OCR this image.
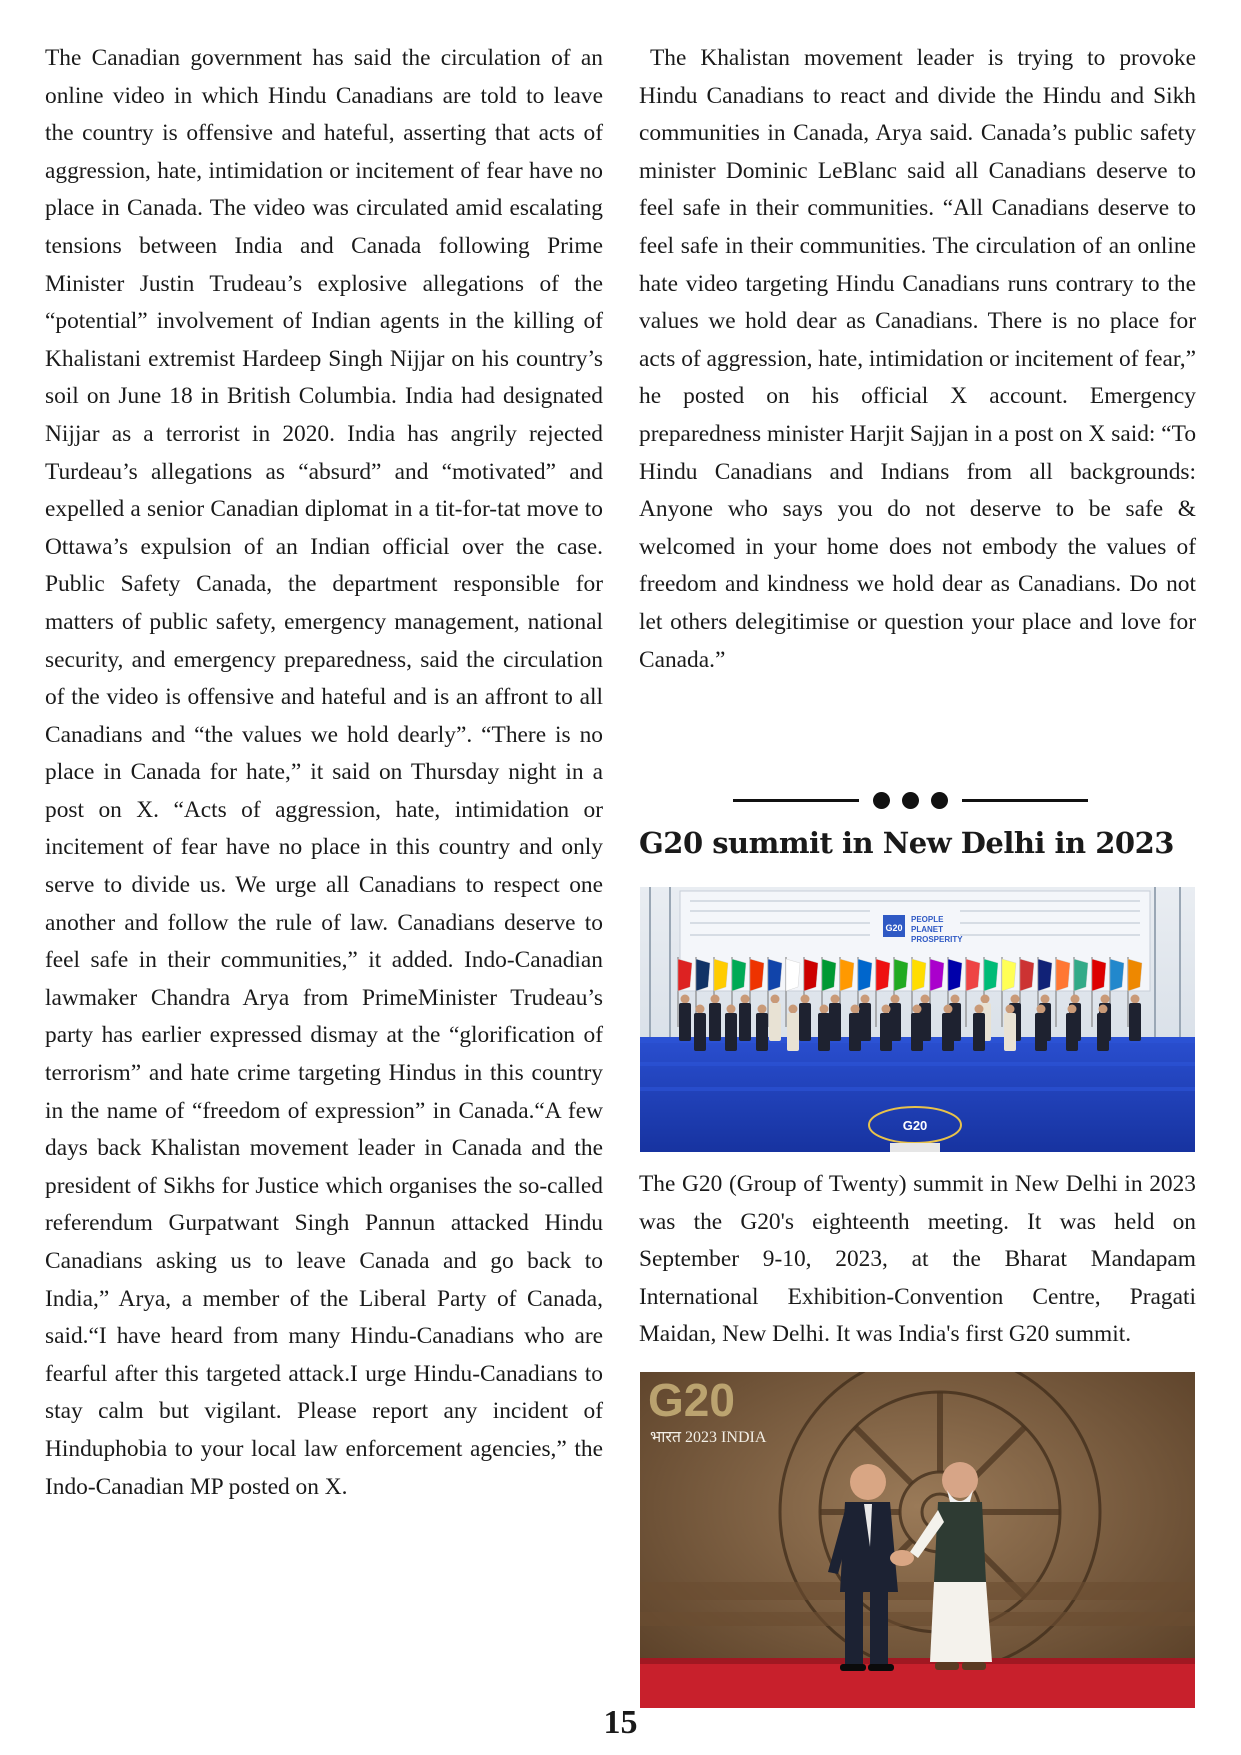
The Canadian government has said the circulation of an online video in which Hindu Canadians are told to leave the country is offensive and hateful, asserting that acts of aggression, hate, intimidation or incitement of fear have no place in Canada. The video was circulated amid escalating tensions between India and Canada following Prime Minister Justin Trudeau’s explosive allegations of the “potential” involvement of Indian agents in the killing of Khalistani extremist Hardeep Singh Nijjar on his country’s soil on June 18 in British Columbia. India had designated Nijjar as a terrorist in 2020. India has angrily rejected Turdeau’s allegations as “absurd” and “motivated” and expelled a senior Canadian diplomat in a tit-for-tat move to Ottawa’s expulsion of an Indian official over the case. Public Safety Canada, the department responsible for matters of public safety, emergency management, national security, and emergency preparedness, said the circulation of the video is offensive and hateful and is an affront to all Canadians and “the values we hold dearly”. “There is no place in Canada for hate,” it said on Thursday night in a post on X. “Acts of aggression, hate, intimidation or incitement of fear have no place in this country and only serve to divide us. We urge all Canadians to respect one another and follow the rule of law. Canadians deserve to feel safe in their communities,” it added. Indo-Canadian lawmaker Chandra Arya from PrimeMinister Trudeau’s party has earlier expressed dismay at the “glorification of terrorism” and hate crime targeting Hindus in this country in the name of “freedom of expression” in Canada.“A few days back Khalistan movement leader in Canada and the president of Sikhs for Justice which organises the so-called referendum Gurpatwant Singh Pannun attacked Hindu Canadians asking us to leave Canada and go back to India,” Arya, a member of the Liberal Party of Canada, said.“I have heard from many Hindu-Canadians who are fearful after this targeted attack.I urge Hindu-Canadians to stay calm but vigilant. Please report any incident of Hinduphobia to your local law enforcement agencies,” the Indo-Canadian MP posted on X.

The Khalistan movement leader is trying to provoke Hindu Canadians to react and divide the Hindu and Sikh communities in Canada, Arya said. Canada’s public safety minister Dominic LeBlanc said all Canadians deserve to feel safe in their communities. “All Canadians deserve to feel safe in their communities. The circulation of an online hate video targeting Hindu Canadians runs contrary to the values we hold dear as Canadians. There is no place for acts of aggression, hate, intimidation or incitement of fear,” he posted on his official X account. Emergency preparedness minister Harjit Sajjan in a post on X said: “To Hindu Canadians and Indians from all backgrounds: Anyone who says you do not deserve to be safe & welcomed in your home does not embody the values of freedom and kindness we hold dear as Canadians. Do not let others delegitimise or question your place and love for Canada.”

G20 summit in New Delhi in 2023
G20
PEOPLE
PLANET
PROSPERITY
G20

The G20 (Group of Twenty) summit in New Delhi in 2023 was the G20's eighteenth meeting. It was held on September 9-10, 2023, at the Bharat Mandapam International Exhibition-Convention Centre, Pragati Maidan, New Delhi. It was India's first G20 summit.

G20
भारत 2023 INDIA

15
